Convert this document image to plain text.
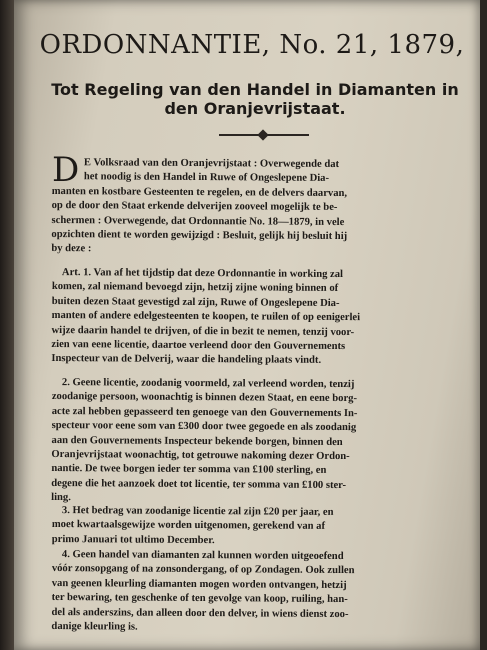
ORDONNANTIE, No. 21, 1879,
Tot Regeling van den Handel in Diamanten in
den Oranjevrijstaat.
D E Volksraad van den Oranjevrijstaat : Overwegende dat
het noodig is den Handel in Ruwe of Ongeslepene Dia-
manten en kostbare Gesteenten te regelen, en de delvers daarvan,
op de door den Staat erkende delverijen zooveel mogelijk te be-
schermen : Overwegende, dat Ordonnantie No. 18—1879, in vele
opzichten dient te worden gewijzigd : Besluit, gelijk hij besluit hij
by deze :
Art. 1. Van af het tijdstip dat deze Ordonnantie in working zal
komen, zal niemand bevoegd zijn, hetzij zijne woning binnen of
buiten dezen Staat gevestigd zal zijn, Ruwe of Ongeslepene Dia-
manten of andere edelgesteenten te koopen, te ruilen of op eenigerlei
wijze daarin handel te drijven, of die in bezit te nemen, tenzij voor-
zien van eene licentie, daartoe verleend door den Gouvernements
Inspecteur van de Delverij, waar die handeling plaats vindt.
2. Geene licentie, zoodanig voormeld, zal verleend worden, tenzij
zoodanige persoon, woonachtig is binnen dezen Staat, en eene borg-
acte zal hebben gepasseerd ten genoege van den Gouvernements In-
specteur voor eene som van £300 door twee gegoede en als zoodanig
aan den Gouvernements Inspecteur bekende borgen, binnen den
Oranjevrijstaat woonachtig, tot getrouwe nakoming dezer Ordon-
nantie. De twee borgen ieder ter somma van £100 sterling, en
degene die het aanzoek doet tot licentie, ter somma van £100 ster-
ling.
3. Het bedrag van zoodanige licentie zal zijn £20 per jaar, en
moet kwartaalsgewijze worden uitgenomen, gerekend van af
primo Januari tot ultimo December.
4. Geen handel van diamanten zal kunnen worden uitgeoefend
vóór zonsopgang of na zonsondergang, of op Zondagen. Ook zullen
van geenen kleurling diamanten mogen worden ontvangen, hetzij
ter bewaring, ten geschenke of ten gevolge van koop, ruiling, han-
del als anderszins, dan alleen door den delver, in wiens dienst zoo-
danige kleurling is.
